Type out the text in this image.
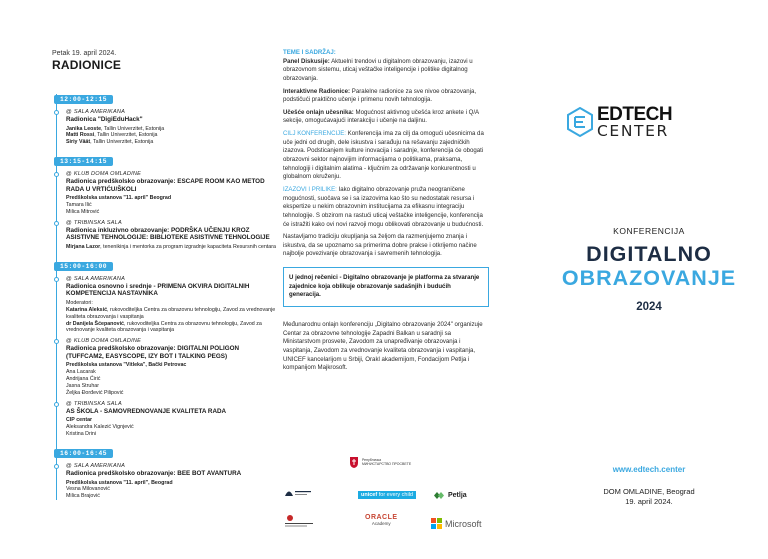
Petak 19. april 2024.
RADIONICE
12:00-12:15
@ SALA AMERIKANA
Radionica "DigiEduHack"
Janika Leoste, Tallin Univerzitet, Estonija
Matti Rossi, Tallin Univerzitet, Estonija
Siriy Väät, Tallin Univerzitet, Estonija
13:15-14:15
@ KLUB DOMA OMLADINE
Radionica predškolsko obrazovanje: ESCAPE ROOM KAO METOD RADA U VRTIĆU/ŠKOLI
Predškolska ustanova "11. april" Beograd
Tamara Ilić
Milica Mitrović
@ TRIBINSKA SALA
Radionica inkluzivno obrazovanje: PODRŠKA UČENJU KROZ ASISTIVNE TEHNOLOGIJE: BIBLIOTEKE ASISTIVNE TEHNOLOGIJE
Mirjana Lazor, tenenikinja i mentorka za program izgradnje kapaciteta Resursnih centara
15:00-16:00
@ SALA AMERIKANA
Radionica osnovno i srednje - PRIMENA OKVIRA DIGITALNIH KOMPETENCIJA NASTAVNIKA
Moderatori:
Katarina Aleksić, rukovoditeljka Centra za obrazovnu tehnologiju, Zavod za vrednovanje kvaliteta obrazovanja i vaspitanja
dr Danijela Šćepanović, rukovoditeljka Centra za obrazovnu tehnologiju, Zavod za vrednovanje kvaliteta obrazovanja i vaspitanja
@ KLUB DOMA OMLADINE
Radionica predškolsko obrazovanje: DIGITALNI POLIGON (TUFFCAM2, EASYSCOPE, IZY BOT I TALKING PEGS)
Predškolska ustanova "Vitleka", Bački Petrovac
Ana Lacarak
Andrijana Ćirić
Jasna Struhar
Željka Đorđević Pilipović
@ TRIBINSKA SALA
AS ŠKOLA - SAMOVREDNOVANJE KVALITETA RADA
CIP centar
Aleksandra Kalezić Vignjević
Kristina Drini
16:00-16:45
@ SALA AMERIKANA
Radionica predškolsko obrazovanje: BEE BOT AVANTURA
Predškolska ustanova "11. april", Beograd
Vesna Milovanović
Milica Brajović

TEME I SADRŽAJ:
Panel Diskusije: Aktuelni trendovi u digitalnom obrazovanju, izazovi u obrazovnom sistemu, uticaj veštačke inteligencije i politike digitalnog obrazovanja.

Interaktivne Radionice: Paralelne radionice za sve nivoe obrazovanja, podstičući praktično učenje i primenu novih tehnologija.

Učešće onlajn učesnika: Mogućnost aktivnog učešća kroz anketе i Q/A sekcije, omogućavajući interakciju i učenje na daljinu.

CILJ KONFERENCIJE: Konferencija ima za cilj da omogući učesnicima da uče jedni od drugih, dele iskustva i sarađuju na rešavanju zajedničkih izazova. Podsticanjem kulture inovacija i saradnje, konferencija će obogati obrazovni sektor najnovijim informacijama o politikama, praksama, tehnologiji i digitalnim alatima - ključnim za održavanje konkurentnosti u globalnom okruženju.

IZAZOVI I PRILIKE: Iako digitalno obrazovanje pruža neograničene mogućnosti, suočava se i sa izazovima kao što su nedostatak resursa i ekspertize u nekim obrazovnim institucijama za efikasnu integraciju tehnologije. S obzirom na rastući uticaj veštačke inteligencije, konferencija će istražiti kako ovi novi razvoji mogu oblikovati obrazovanje u budućnosti.

Nastavljamo tradiciju okupljanja sa željom da razmenjujemo znanja i iskustva, da se upoznamo sa primerima dobre prakse i otkrijemo načine najbolje povezivanje obrazovanja i savremenih tehnologija.

U jednoj rečenici - Digitalno obrazovanje je platforma za stvaranje zajednice koja oblikuje obrazovanje sadašnjih i budućih generacija.

Međunarodnu onlajn konferenciju „Digitalno obrazovanje 2024" organizuje Centar za obrazovne tehnologije Zapadni Balkan u saradnji sa Ministarstvom prosvete, Zavodom za unapređivanje obrazovanja i vaspitanja, Zavodom za vrednovanje kvaliteta obrazovanja i vaspitanja, UNICEF kancelarijom u Srbiji, Orakl akademijom, Fondacijom Petlja i kompanijom Majkrosoft.

Републичка
МИНИСТАРСТВО ПРОСВЕТЕ
unicef for every child	Petlja
ORACLE
Academy	Microsoft
EDTECH
CENTER
KONFERENCIJA
DIGITALNO
OBRAZOVANJE
2024
www.edtech.center
DOM OMLADINE, Beograd
19. april 2024.
